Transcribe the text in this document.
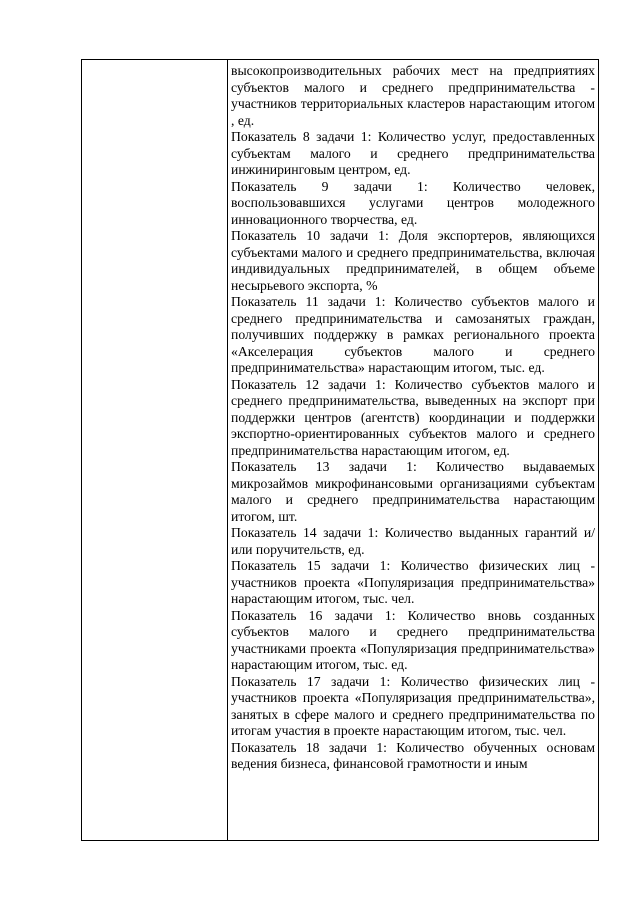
высокопроизводительных рабочих мест на предприятиях субъектов малого и среднего предпринимательства - участников территориальных кластеров нарастающим итогом , ед.

Показатель 8 задачи 1: Количество услуг, предоставленных субъектам малого и среднего предпринимательства инжиниринговым центром, ед.

Показатель 9 задачи 1: Количество человек, воспользовавшихся услугами центров молодежного инновационного творчества, ед.

Показатель 10 задачи 1: Доля экспортеров, являющихся субъектами малого и среднего предпринимательства, включая индивидуальных предпринимателей, в общем объеме несырьевого экспорта, %

Показатель 11 задачи 1: Количество субъектов малого и среднего предпринимательства и самозанятых граждан, получивших поддержку в рамках регионального проекта «Акселерация субъектов малого и среднего предпринимательства» нарастающим итогом, тыс. ед.

Показатель 12 задачи 1: Количество субъектов малого и среднего предпринимательства, выведенных на экспорт при поддержки центров (агентств) координации и поддержки экспортно-ориентированных субъектов малого и среднего предпринимательства нарастающим итогом, ед.

Показатель 13 задачи 1: Количество выдаваемых микрозаймов микрофинансовыми организациями субъектам малого и среднего предпринимательства нарастающим итогом, шт.

Показатель 14 задачи 1: Количество выданных гарантий и/или поручительств, ед.

Показатель 15 задачи 1: Количество физических лиц - участников проекта «Популяризация предпринимательства» нарастающим итогом, тыс. чел.

Показатель 16 задачи 1: Количество вновь созданных субъектов малого и среднего предпринимательства участниками проекта «Популяризация предпринимательства» нарастающим итогом, тыс. ед.

Показатель 17 задачи 1: Количество физических лиц - участников проекта «Популяризация предпринимательства», занятых в сфере малого и среднего предпринимательства по итогам участия в проекте нарастающим итогом, тыс. чел.

Показатель 18 задачи 1: Количество обученных основам ведения бизнеса, финансовой грамотности и иным
